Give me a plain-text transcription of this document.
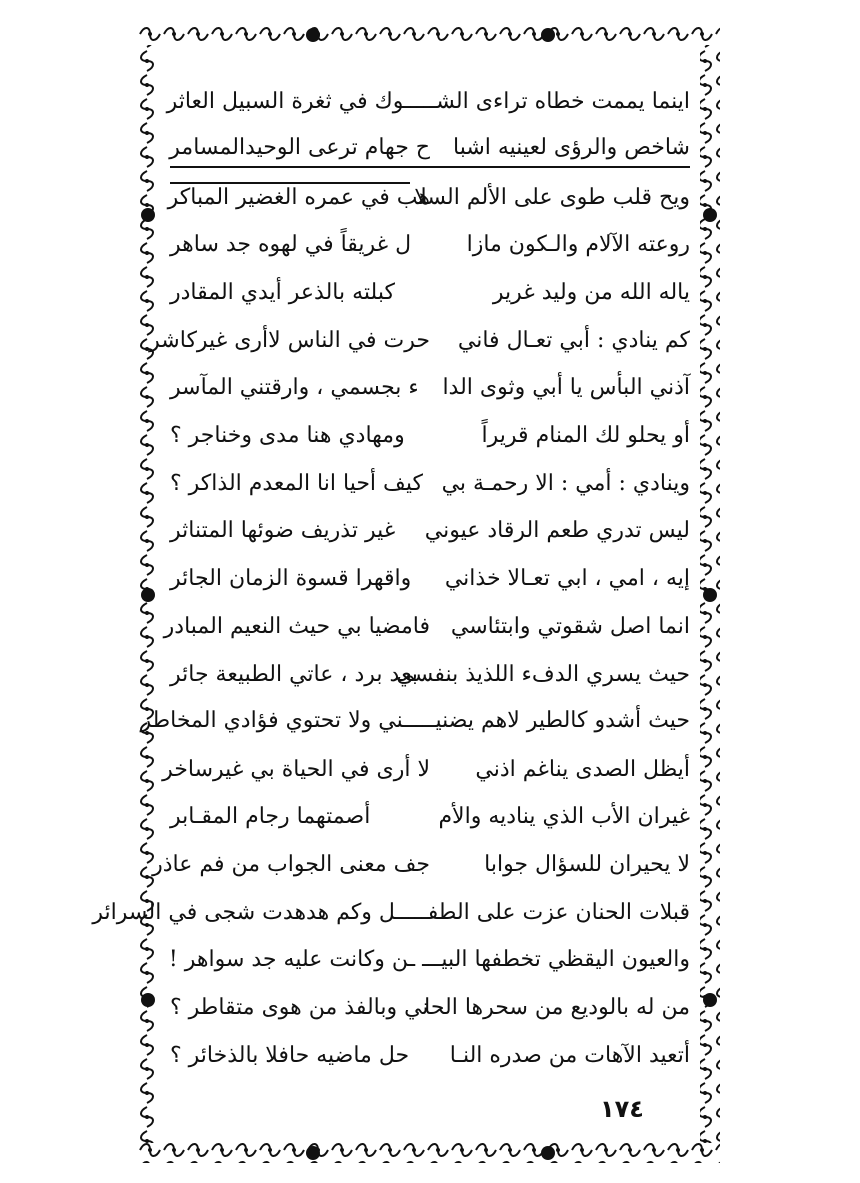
اينما يممت خطاه تراءى الشـــــوك في ثغرة السبيل العاثر
شاخص والرؤى لعينيه اشبا
ح جهام ترعى الوحيدالمسامر
ويح قلب طوى على الألم السلا
هب في عمره الغضير المباكر
روعته الآلام والـكون مازا
ل غريقاً في لهوه جد ساهر
ياله الله من وليد غرير
كبلته بالذعر أيدي المقادر
كم ينادي : أبي تعـال فاني
حرت في الناس لاأرى غيركاشر
آذني البأس يا أبي وثوى الدا
ء بجسمي ، وارقتني المآسر
أو يحلو لك المنام قريراً
ومهادي هنا مدى وخناجر ؟
وينادي : أمي : الا رحمـة بي
كيف أحيا انا المعدم الذاكر ؟
ليس تدري طعم الرقاد عيوني
غير تذريف ضوئها المتناثر
إيه ، امي ، ابي تعـالا خذاني
واقهرا قسوة الزمان الجائر
انما اصل شقوتي وابتئاسي
فامضيا بي حيث النعيم المبادر
حيث يسري الدفء اللذيذ بنفسي
بعد برد ، عاتي الطبيعة جائر
حيث أشدو كالطير لاهم يضنيـــــني ولا تحتوي فؤادي المخاطر
أيظل الصدى يناغم اذني
لا أرى في الحياة بي غيرساخر
غيران الأب الذي يناديه والأم
أصمتهما رجام المقـابر
لا يحيران للسؤال جوابا
جف معنى الجواب من فم عاذر
قبلات الحنان عزت على الطفـــــل وكم هدهدت شجى في السرائر
والعيون اليقظي تخطفها البيـــ ـن وكانت عليه جد سواهر !
من له بالوديع من سحرها الحا
ني وبالفذ من هوى متقاطر ؟
أتعيد الآهات من صدره النـا
حل ماضيه حافلا بالذخائر ؟
١٧٤
